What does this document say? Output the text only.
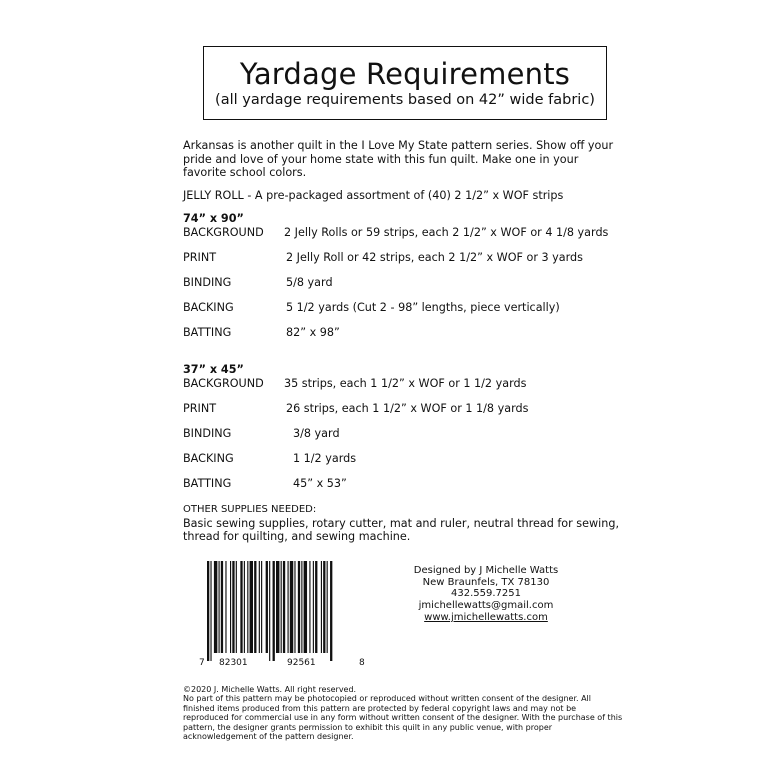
Yardage Requirements
(all yardage requirements based on 42” wide fabric)
Arkansas is another quilt in the I Love My State pattern series. Show off your pride and love of your home state with this fun quilt. Make one in your favorite school colors.
JELLY ROLL - A pre-packaged assortment of (40) 2 1/2” x WOF strips
74” x 90”
BACKGROUND 2 Jelly Rolls or 59 strips, each 2 1/2” x WOF or 4 1/8 yards
PRINT	2 Jelly Roll or 42 strips, each 2 1/2” x WOF or 3 yards
BINDING	5/8 yard
BACKING	5 1/2 yards (Cut 2 - 98” lengths, piece vertically)
BATTING	82” x 98”
37” x 45”
BACKGROUND 35 strips, each 1 1/2” x WOF or 1 1/2 yards
PRINT	26 strips, each 1 1/2” x WOF or 1 1/8 yards
BINDING	3/8 yard
BACKING	1 1/2 yards
BATTING	45” x 53”
OTHER SUPPLIES NEEDED:
Basic sewing supplies, rotary cutter, mat and ruler, neutral thread for sewing, thread for quilting, and sewing machine.
7 82301	92561	8
Designed by J Michelle Watts
New Braunfels, TX 78130
432.559.7251
jmichellewatts@gmail.com
www.jmichellewatts.com
©2020 J. Michelle Watts. All right reserved.
No part of this pattern may be photocopied or reproduced without written consent of the designer. All finished items produced from this pattern are protected by federal copyright laws and may not be reproduced for commercial use in any form without written consent of the designer. With the purchase of this pattern, the designer grants permission to exhibit this quilt in any public venue, with proper acknowledgement of the pattern designer.
